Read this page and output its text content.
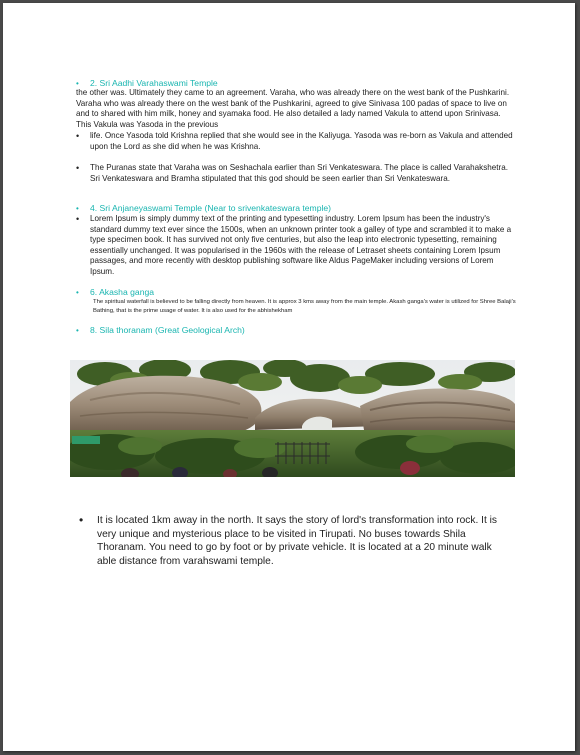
• 2. Sri Aadhi Varahaswami Temple
the other was. Ultimately they came to an agreement. Varaha, who was already there on the west bank of the Pushkarini. Varaha who was already there on the west bank of the Pushkarini, agreed to give Sinivasa 100 padas of space to live on and to shared with him milk, honey and syamaka food. He also detailed a lady named Vakula to attend upon Srinivasa. This Vakula was Yasoda in the previous
•	life. Once Yasoda told Krishna replied that she would see in the Kaliyuga. Yasoda was re-born as Vakula and attended upon the Lord as she did when he was Krishna.
•	The Puranas state that Varaha was on Seshachala earlier than Sri Venkateswara. The place is called Varahakshetra. Sri Venkateswara and Bramha stipulated that this god should be seen earlier than Sri Venkateswara.
• 4. Sri Anjaneyaswami Temple (Near to srivenkateswara temple)
•	Lorem Ipsum is simply dummy text of the printing and typesetting industry. Lorem Ipsum has been the industry's standard dummy text ever since the 1500s, when an unknown printer took a galley of type and scrambled it to make a type specimen book. It has survived not only five centuries, but also the leap into electronic typesetting, remaining essentially unchanged. It was popularised in the 1960s with the release of Letraset sheets containing Lorem Ipsum passages, and more recently with desktop publishing software like Aldus PageMaker including versions of Lorem Ipsum.
• 6. Akasha ganga
The spiritual waterfall is believed to be falling directly from heaven. It is approx 3 kms away from the main temple. Akash ganga's water is utilized for Shree Balaji's Bathing, that is the prime usage of water. It is also used for the abhishekham
• 8. Sila thoranam (Great Geological Arch)
•	It is located 1km away in the north. It says the story of lord's transformation into rock. It is very unique and mysterious place to be visited in Tirupati. No buses towards Shila Thoranam. You need to go by foot or by private vehicle. It is located at a 20 minute walk able distance from varahswami temple.
